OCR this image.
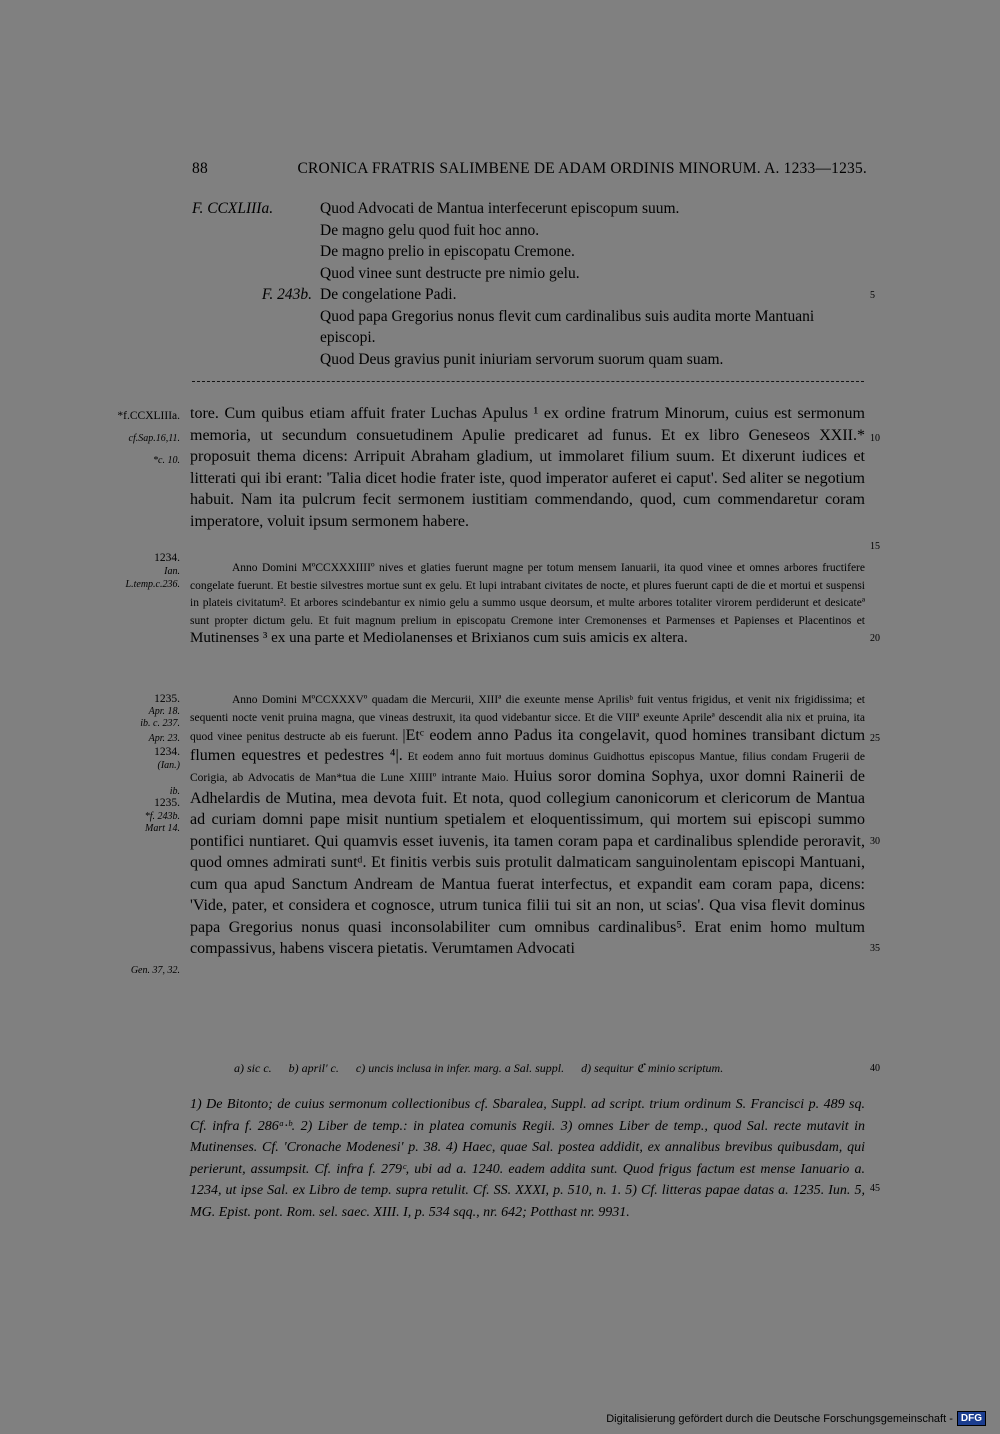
88	CRONICA FRATRIS SALIMBENE DE ADAM ORDINIS MINORUM. A. 1233—1235.
F. CCXLIIIa.	Quod Advocati de Mantua interfecerunt episcopum suum.
De magno gelu quod fuit hoc anno.
De magno prelio in episcopatu Cremone.
Quod vinee sunt destructe pre nimio gelu.
F. 243b. De congelatione Padi.
Quod papa Gregorius nonus flevit cum cardinalibus suis audita morte Mantuani episcopi.
Quod Deus gravius punit iniuriam servorum suorum quam suam.
5
*f.CCXLIIIa.
cf.Sap.16,11.
*c. 10.
1234.
Ian.
L.temp.c.236.
1235.
Apr. 18.
ib. c. 237.
Apr. 23.
1234.
(Ian.)
ib.
1235.
*f. 243b.
Mart 14.
Gen. 37, 32.
10
15
20
25
30
35
40
45

tore. Cum quibus etiam affuit frater Luchas Apulus ¹ ex ordine fratrum Minorum, cuius est sermonum memoria, ut secundum consuetudinem Apulie predicaret ad funus. Et ex libro Geneseos XXII.* proposuit thema dicens: Arripuit Abraham gladium, ut immolaret filium suum. Et dixerunt iudices et litterati qui ibi erant: 'Talia dicet hodie frater iste, quod imperator auferet ei caput'. Sed aliter se negotium habuit. Nam ita pulcrum fecit sermonem iustitiam commendando, quod, cum commendaretur coram imperatore, voluit ipsum sermonem habere.

Anno Domini MºCCXXXIIIIº nives et glaties fuerunt magne per totum mensem Ianuarii, ita quod vinee et omnes arbores fructifere congelate fuerunt. Et bestie silvestres mortue sunt ex gelu. Et lupi intrabant civitates de nocte, et plures fuerunt capti de die et mortui et suspensi in plateis civitatum². Et arbores scindebantur ex nimio gelu a summo usque deorsum, et multe arbores totaliter virorem perdiderunt et desicateª sunt propter dictum gelu. Et fuit magnum prelium in episcopatu Cremone inter Cremonenses et Parmenses et Papienses et Placentinos et Mutinenses ³ ex una parte et Mediolanenses et Brixianos cum suis amicis ex altera.

Anno Domini MºCCXXXVº quadam die Mercurii, XIIIª die exeunte mense Aprilisᵇ fuit ventus frigidus, et venit nix frigidissima; et sequenti nocte venit pruina magna, que vineas destruxit, ita quod videbantur siccе. Et die VIIIª exeunte Aprileª descendit alia nix et pruina, ita quod vinee penitus destructe ab eis fuerunt. |Etᶜ eodem anno Padus ita congelavit, quod homines transibant dictum flumen equestres et pedestres ⁴|. Et eodem anno fuit mortuus dominus Guidhottus episcopus Mantue, filius condam Frugerii de Corigia, ab Advocatis de Man*tua die Lune XIIIIº intrante Maio. Huius soror domina Sophya, uxor domni Rainerii de Adhelardis de Mutina, mea devota fuit. Et nota, quod collegium canonicorum et clericorum de Mantua ad curiam domni pape misit nuntium spetialem et eloquentissimum, qui mortem sui episcopi summo pontifici nuntiaret. Qui quamvis esset iuvenis, ita tamen coram papa et cardinalibus splendide peroravit, quod omnes admirati suntᵈ. Et finitis verbis suis protulit dalmaticam sanguinolentam episcopi Mantuani, cum qua apud Sanctum Andream de Mantua fuerat interfectus, et expandit eam coram papa, dicens: 'Vide, pater, et considera et cognosce, utrum tunica filii tui sit an non, ut scias'. Qua visa flevit dominus papa Gregorius nonus quasi inconsolabiliter cum omnibus cardinalibus⁵. Erat enim homo multum compassivus, habens viscera pietatis. Verumtamen Advocati

a) sic c. b) april' c. c) uncis inclusa in infer. marg. a Sal. suppl. d) sequitur ℭ minio scriptum.

1) De Bitonto; de cuius sermonum collectionibus cf. Sbaralea, Suppl. ad script. trium ordinum S. Francisci p. 489 sq. Cf. infra f. 286ᵃ·ᵇ. 2) Liber de temp.: in platea comunis Regii. 3) omnes Liber de temp., quod Sal. recte mutavit in Mutinenses. Cf. 'Cronache Modenesi' p. 38. 4) Haec, quae Sal. postea addidit, ex annalibus brevibus quibusdam, qui perierunt, assumpsit. Cf. infra f. 279ᶜ, ubi ad a. 1240. eadem addita sunt. Quod frigus factum est mense Ianuario a. 1234, ut ipse Sal. ex Libro de temp. supra retulit. Cf. SS. XXXI, p. 510, n. 1. 5) Cf. litteras papae datas a. 1235. Iun. 5, MG. Epist. pont. Rom. sel. saec. XIII. I, p. 534 sqq., nr. 642; Potthast nr. 9931.

Digitalisierung gefördert durch die Deutsche Forschungsgemeinschaft - DFG
